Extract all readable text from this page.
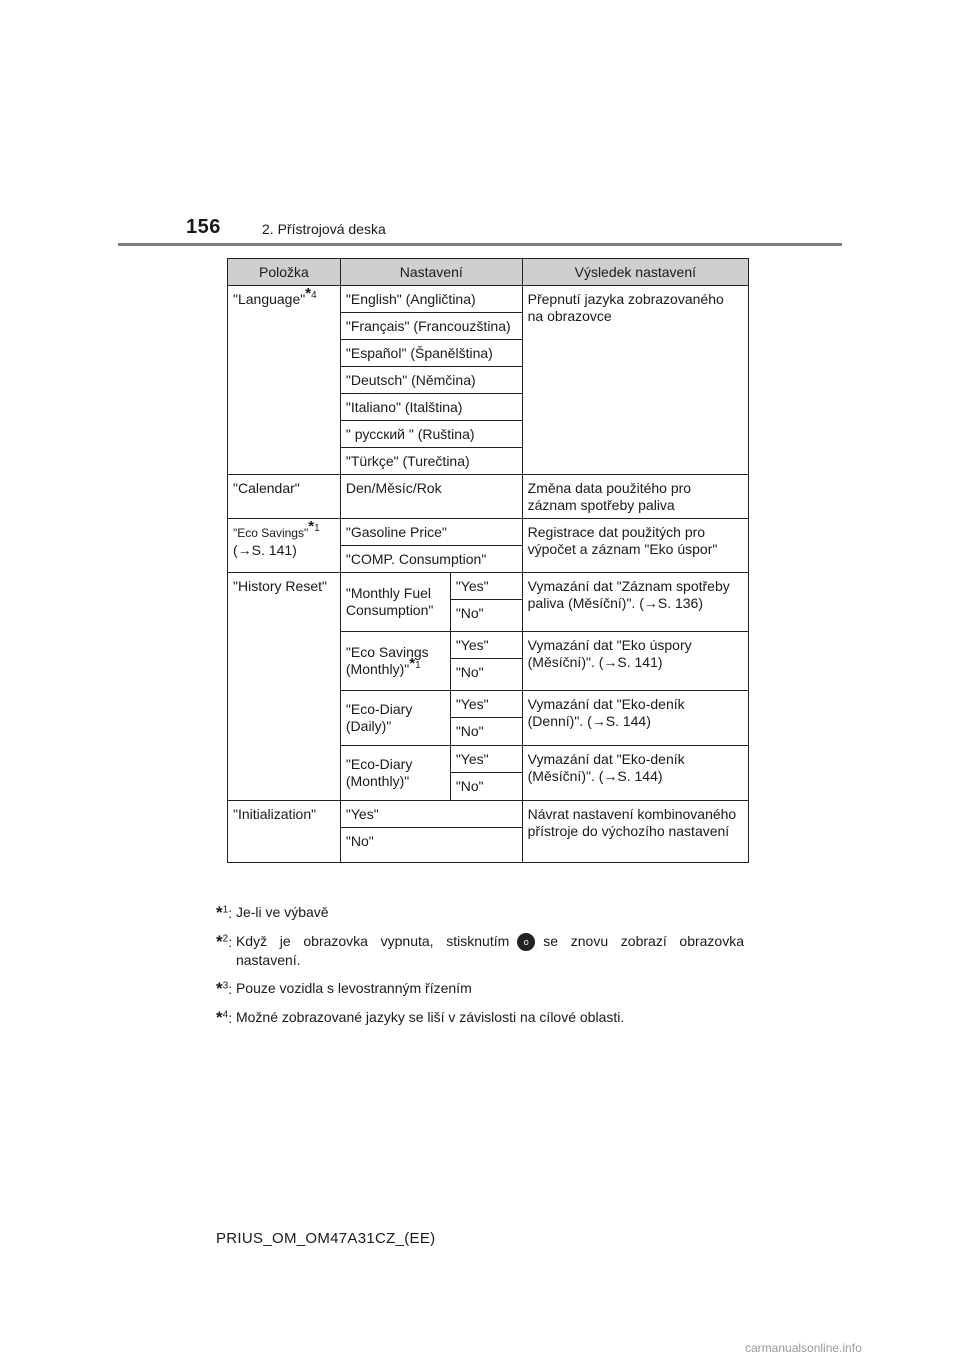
156	2. Přístrojová deska
Položka	Nastavení		Výsledek nastavení
"Language"$^{*4}$	"English" (Angličtina)		Přepnutí jazyka zobrazovaného na obrazovce
	"Français" (Francouzština)		
	"Español" (Španělština)		
	"Deutsch" (Němčina)		
	"Italiano" (Italština)		
	" русский " (Ruština)		
	"Türkçe" (Turečtina)		
"Calendar"	Den/Měsíc/Rok		Změna data použitého pro záznam spotřeby paliva
"Eco Savings"$^{*1}$
(→S. 141)	"Gasoline Price"		Registrace dat použitých pro výpočet a záznam "Eko úspor"
	"COMP. Consumption"		
"History Reset"	"Monthly Fuel Consumption"	"Yes"	Vymazání dat "Záznam spotřeby paliva (Měsíční)". (→S. 136)
		"No"	
	"Eco Savings (Monthly)"$^{*1}$	"Yes"	Vymazání dat "Eko úspory (Měsíční)". (→S. 141)
		"No"	
	"Eco-Diary (Daily)"	"Yes"	Vymazání dat "Eko-deník (Denní)". (→S. 144)
		"No"	
	"Eco-Diary (Monthly)"	"Yes"	Vymazání dat "Eko-deník (Měsíční)". (→S. 144)
		"No"	
"Initialization"	"Yes"		Návrat nastavení kombinovaného přístroje do výchozího nastavení
	"No"		
*$^1$: Je-li ve výbavě
*$^2$: Když je obrazovka vypnuta, stisknutím o se znovu zobrazí obrazovka nastavení.
*$^3$: Pouze vozidla s levostranným řízením
*$^4$: Možné zobrazované jazyky se liší v závislosti na cílové oblasti.
PRIUS_OM_OM47A31CZ_(EE)
carmanualsonline.info
